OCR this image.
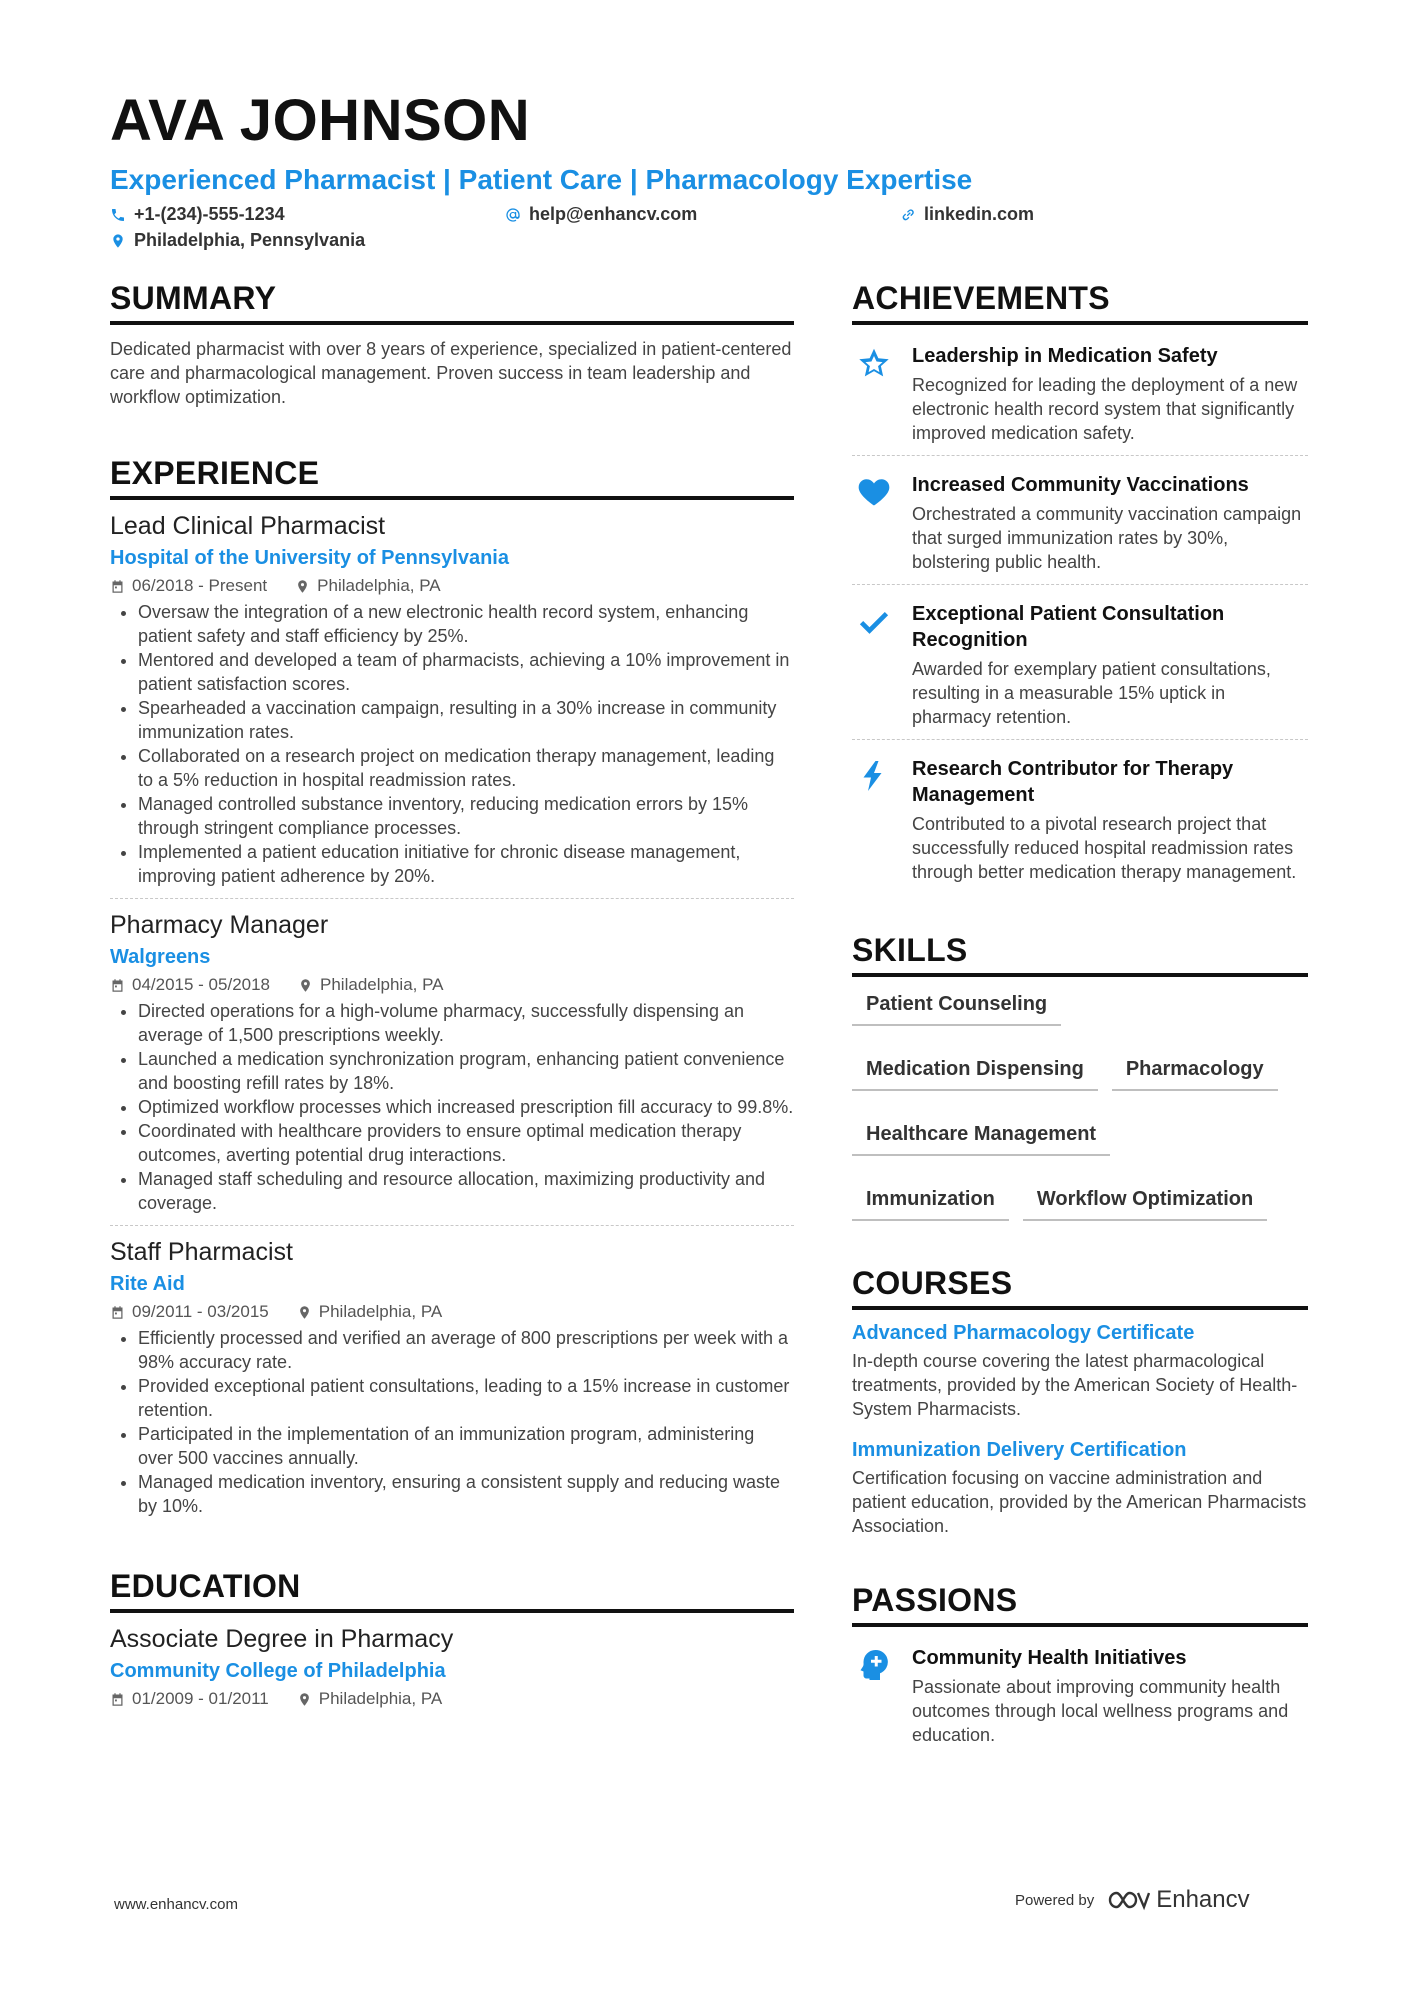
AVA JOHNSON
Experienced Pharmacist | Patient Care | Pharmacology Expertise
+1-(234)-555-1234	help@enhancv.com	linkedin.com
Philadelphia, Pennsylvania
SUMMARY

Dedicated pharmacist with over 8 years of experience, specialized in patient-centered care and pharmacological management. Proven success in team leadership and workflow optimization.

EXPERIENCE
Lead Clinical Pharmacist
Hospital of the University of Pennsylvania
06/2018 - Present	Philadelphia, PA
• Oversaw the integration of a new electronic health record system, enhancing patient safety and staff efficiency by 25%.
• Mentored and developed a team of pharmacists, achieving a 10% improvement in patient satisfaction scores.
• Spearheaded a vaccination campaign, resulting in a 30% increase in community immunization rates.
• Collaborated on a research project on medication therapy management, leading to a 5% reduction in hospital readmission rates.
• Managed controlled substance inventory, reducing medication errors by 15% through stringent compliance processes.
• Implemented a patient education initiative for chronic disease management, improving patient adherence by 20%.
Pharmacy Manager
Walgreens
04/2015 - 05/2018	Philadelphia, PA
• Directed operations for a high-volume pharmacy, successfully dispensing an average of 1,500 prescriptions weekly.
• Launched a medication synchronization program, enhancing patient convenience and boosting refill rates by 18%.
• Optimized workflow processes which increased prescription fill accuracy to 99.8%.
• Coordinated with healthcare providers to ensure optimal medication therapy outcomes, averting potential drug interactions.
• Managed staff scheduling and resource allocation, maximizing productivity and coverage.
Staff Pharmacist
Rite Aid
09/2011 - 03/2015	Philadelphia, PA
• Efficiently processed and verified an average of 800 prescriptions per week with a 98% accuracy rate.
• Provided exceptional patient consultations, leading to a 15% increase in customer retention.
• Participated in the implementation of an immunization program, administering over 500 vaccines annually.
• Managed medication inventory, ensuring a consistent supply and reducing waste by 10%.
EDUCATION
Associate Degree in Pharmacy
Community College of Philadelphia
01/2009 - 01/2011	Philadelphia, PA
ACHIEVEMENTS
Leadership in Medication Safety
Recognized for leading the deployment of a new electronic health record system that significantly improved medication safety.
Increased Community Vaccinations
Orchestrated a community vaccination campaign that surged immunization rates by 30%, bolstering public health.
Exceptional Patient Consultation Recognition
Awarded for exemplary patient consultations, resulting in a measurable 15% uptick in pharmacy retention.
Research Contributor for Therapy Management
Contributed to a pivotal research project that successfully reduced hospital readmission rates through better medication therapy management.
SKILLS
Patient Counseling
Medication Dispensing	Pharmacology
Healthcare Management
Immunization	Workflow Optimization
COURSES
Advanced Pharmacology Certificate
In-depth course covering the latest pharmacological treatments, provided by the American Society of Health-System Pharmacists.
Immunization Delivery Certification
Certification focusing on vaccine administration and patient education, provided by the American Pharmacists Association.
PASSIONS
Community Health Initiatives
Passionate about improving community health outcomes through local wellness programs and education.
www.enhancv.com	Powered by	Enhancv
